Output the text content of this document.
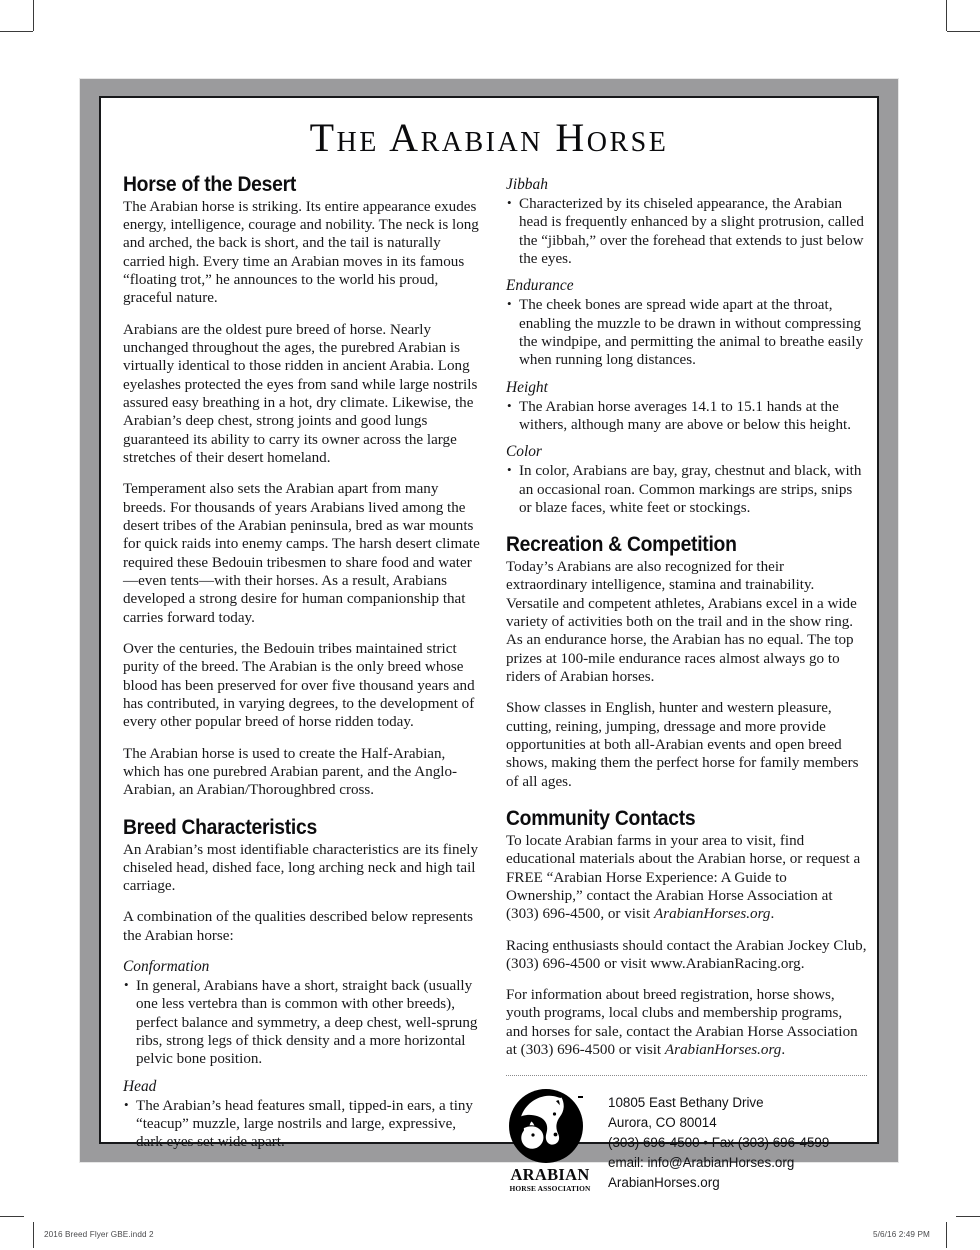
The Arabian Horse
Horse of the Desert

The Arabian horse is striking. Its entire appearance exudes energy, intelligence, courage and nobility. The neck is long and arched, the back is short, and the tail is naturally carried high. Every time an Arabian moves in its famous “floating trot,” he announces to the world his proud, graceful nature.

Arabians are the oldest pure breed of horse. Nearly unchanged throughout the ages, the purebred Arabian is virtually identical to those ridden in ancient Arabia. Long eyelashes protected the eyes from sand while large nostrils assured easy breathing in a hot, dry climate. Likewise, the Arabian’s deep chest, strong joints and good lungs guaranteed its ability to carry its owner across the large stretches of their desert homeland.

Temperament also sets the Arabian apart from many breeds. For thousands of years Arabians lived among the desert tribes of the Arabian peninsula, bred as war mounts for quick raids into enemy camps. The harsh desert climate required these Bedouin tribesmen to share food and water—even tents—with their horses. As a result, Arabians developed a strong desire for human companionship that carries forward today.

Over the centuries, the Bedouin tribes maintained strict purity of the breed. The Arabian is the only breed whose blood has been preserved for over five thousand years and has contributed, in varying degrees, to the development of every other popular breed of horse ridden today.

The Arabian horse is used to create the Half-Arabian, which has one purebred Arabian parent, and the Anglo-Arabian, an Arabian/Thoroughbred cross.

Breed Characteristics

An Arabian’s most identifiable characteristics are its finely chiseled head, dished face, long arching neck and high tail carriage.

A combination of the qualities described below represents the Arabian horse:

Conformation
• In general, Arabians have a short, straight back (usually one less vertebra than is common with other breeds), perfect balance and symmetry, a deep chest, well-sprung ribs, strong legs of thick density and a more horizontal pelvic bone position.
Head
• The Arabian’s head features small, tipped-in ears, a tiny “teacup” muzzle, large nostrils and large, expressive, dark eyes set wide apart.
Jibbah
• Characterized by its chiseled appearance, the Arabian head is frequently enhanced by a slight protrusion, called the “jibbah,” over the forehead that extends to just below the eyes.
Endurance
• The cheek bones are spread wide apart at the throat, enabling the muzzle to be drawn in without compressing the windpipe, and permitting the animal to breathe easily when running long distances.
Height
• The Arabian horse averages 14.1 to 15.1 hands at the withers, although many are above or below this height.
Color
• In color, Arabians are bay, gray, chestnut and black, with an occasional roan. Common markings are strips, snips or blaze faces, white feet or stockings.
Recreation & Competition

Today’s Arabians are also recognized for their extraordinary intelligence, stamina and trainability. Versatile and competent athletes, Arabians excel in a wide variety of activities both on the trail and in the show ring. As an endurance horse, the Arabian has no equal. The top prizes at 100-mile endurance races almost always go to riders of Arabian horses.

Show classes in English, hunter and western pleasure, cutting, reining, jumping, dressage and more provide opportunities at both all-Arabian events and open breed shows, making them the perfect horse for family members of all ages.

Community Contacts

To locate Arabian farms in your area to visit, find educational materials about the Arabian horse, or request a FREE “Arabian Horse Experience: A Guide to Ownership,” contact the Arabian Horse Association at (303) 696-4500, or visit ArabianHorses.org.

Racing enthusiasts should contact the Arabian Jockey Club, (303) 696-4500 or visit www.ArabianRacing.org.

For information about breed registration, horse shows, youth programs, local clubs and membership programs, and horses for sale, contact the Arabian Horse Association at (303) 696-4500 or visit ArabianHorses.org.

ARABIAN
HORSE ASSOCIATION
10805 East Bethany Drive
Aurora, CO 80014
(303) 696-4500 • Fax (303) 696-4599
email: info@ArabianHorses.org
ArabianHorses.org
2016 Breed Flyer GBE.indd 2	5/6/16 2:49 PM
